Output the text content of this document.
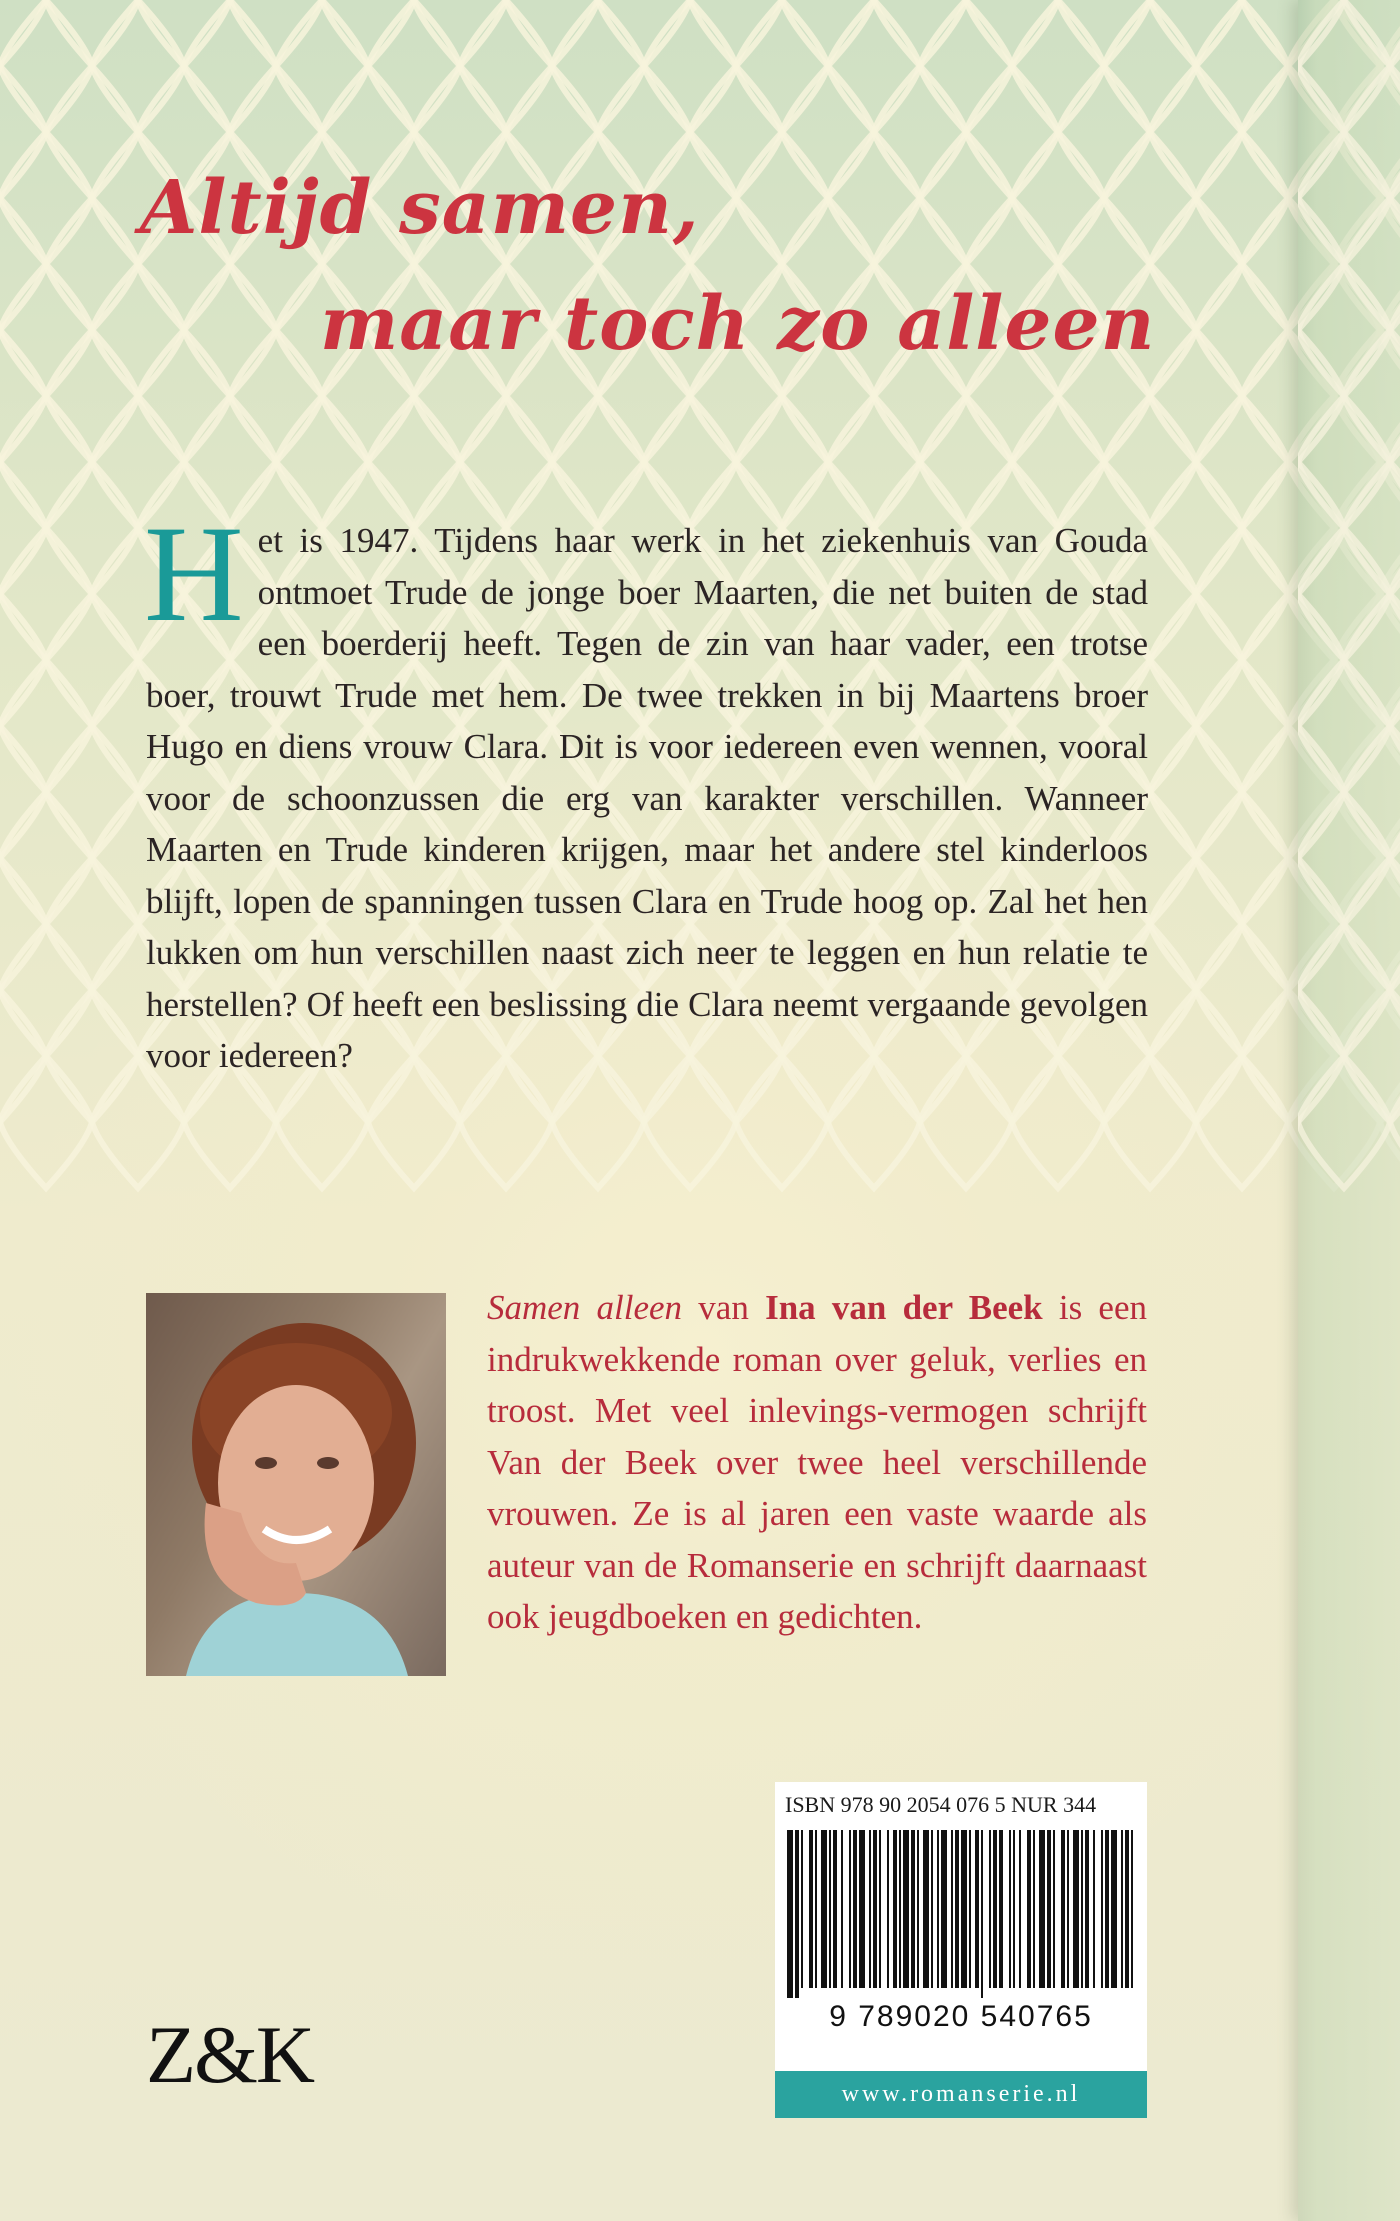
Altijd samen,
maar toch zo alleen
Het is 1947. Tijdens haar werk in het ziekenhuis van Gouda ontmoet Trude de jonge boer Maarten, die net buiten de stad een boerderij heeft. Tegen de zin van haar vader, een trotse boer, trouwt Trude met hem. De twee trekken in bij Maartens broer Hugo en diens vrouw Clara. Dit is voor iedereen even wennen, vooral voor de schoonzussen die erg van karakter verschillen. Wanneer Maarten en Trude kinderen krijgen, maar het andere stel kinderloos blijft, lopen de spanningen tussen Clara en Trude hoog op. Zal het hen lukken om hun verschillen naast zich neer te leggen en hun relatie te herstellen? Of heeft een beslissing die Clara neemt vergaande gevolgen voor iedereen?
Samen alleen van Ina van der Beek is een indrukwekkende roman over geluk, verlies en troost. Met veel inlevings-vermogen schrijft Van der Beek over twee heel verschillende vrouwen. Ze is al jaren een vaste waarde als auteur van de Romanserie en schrijft daarnaast ook jeugdboeken en gedichten.
ISBN 978 90 2054 076 5 NUR 344
9 789020 540765
www.romanserie.nl
Z&K
